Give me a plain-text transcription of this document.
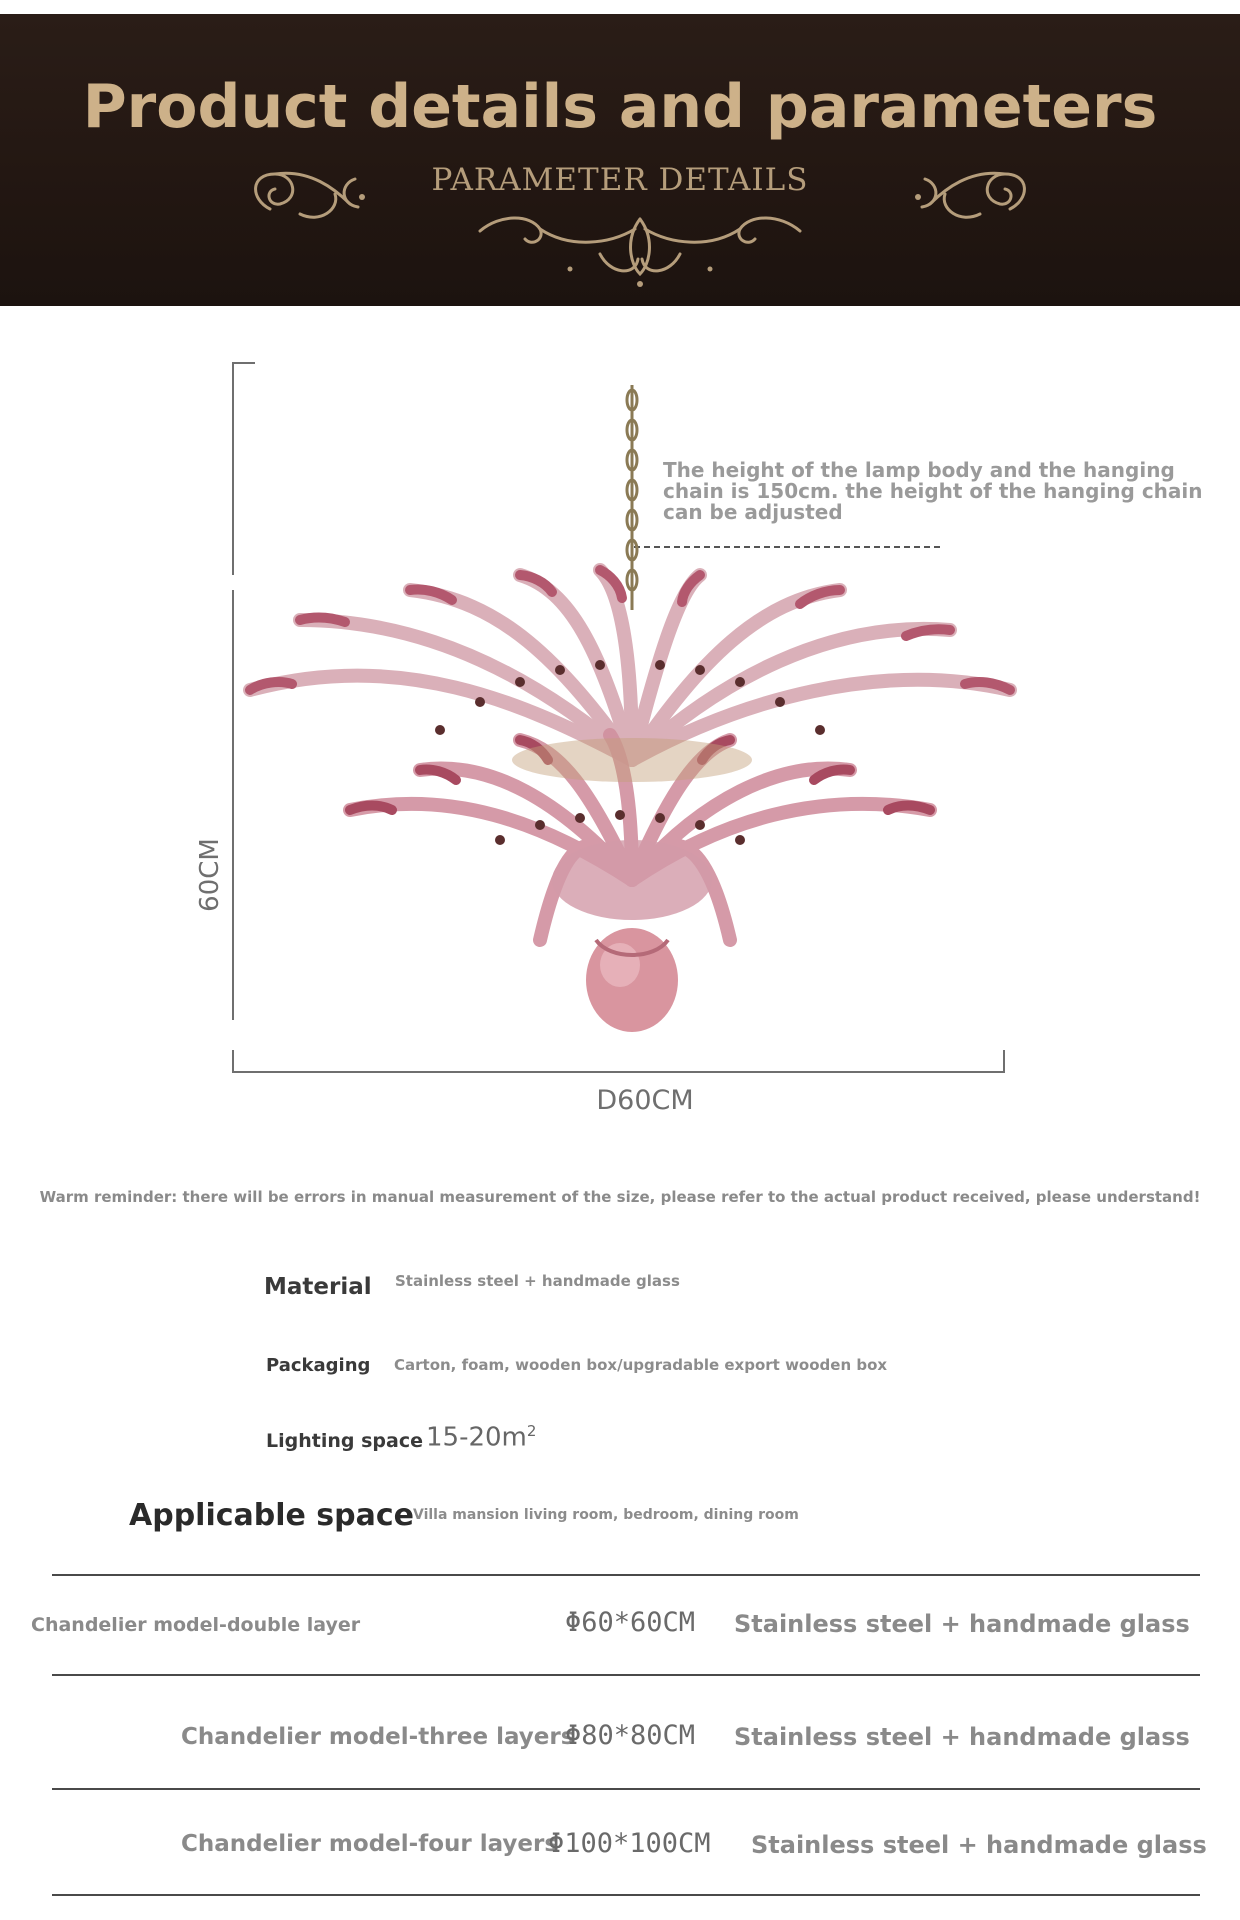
Product details and parameters
PARAMETER DETAILS
The height of the lamp body and the hanging chain is 150cm. the height of the hanging chain can be adjusted
60CM
D60CM
Warm reminder: there will be errors in manual measurement of the size, please refer to the actual product received, please understand!
Material Stainless steel + handmade glass
Packaging Carton, foam, wooden box/upgradable export wooden box
Lighting space $15-20m^2$
Applicable space
Villa mansion living room, bedroom, dining room
Chandelier model-double layer	Φ60*60CM Stainless steel + handmade glass
Chandelier model-three layers
Φ80*80CM Stainless steel + handmade glass
Chandelier model-four layers
Φ100*100CM Stainless steel + handmade glass
